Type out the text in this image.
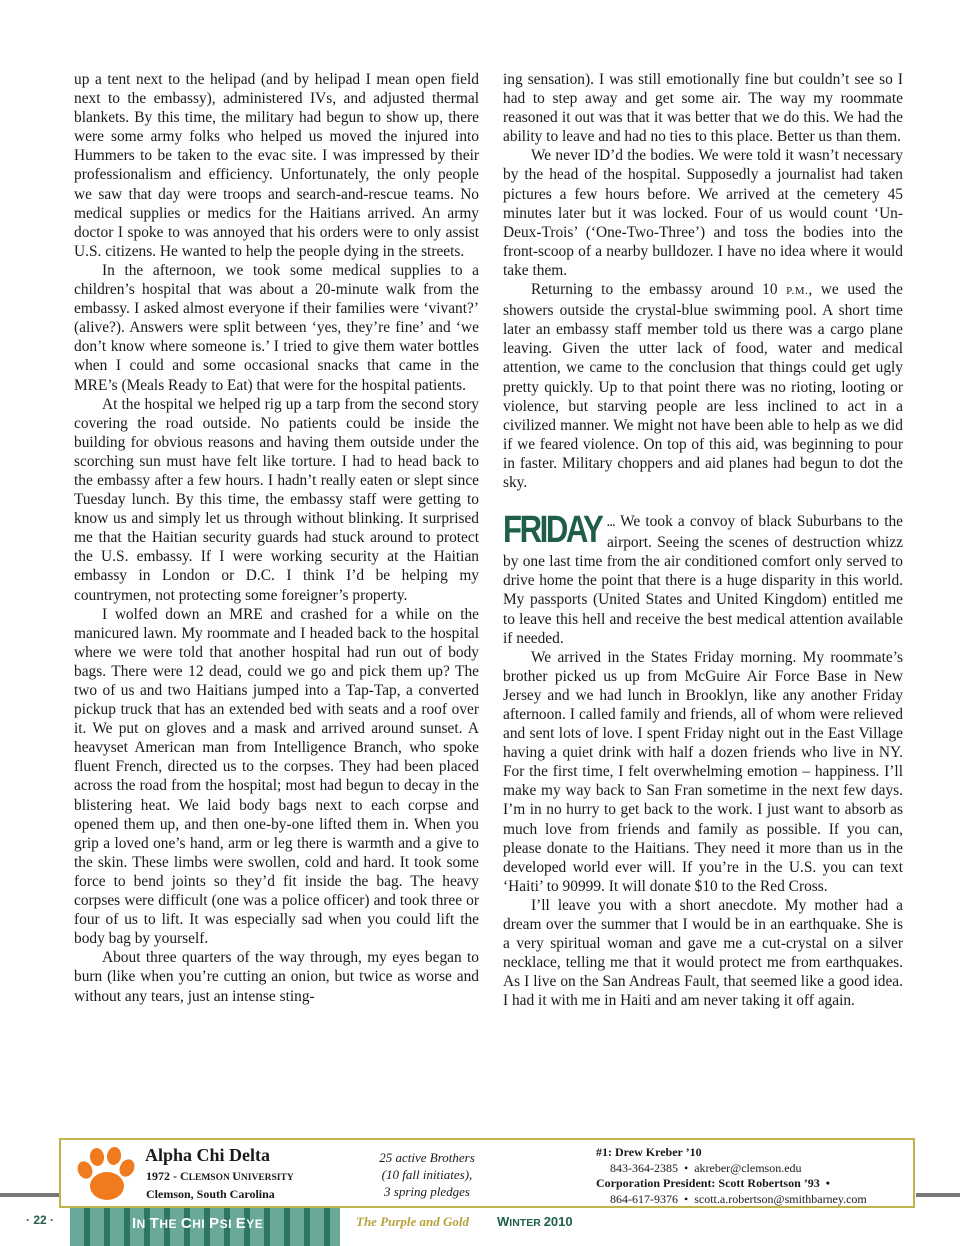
up a tent next to the helipad (and by helipad I mean open field next to the embassy), administered IVs, and adjusted thermal blankets. By this time, the military had begun to show up, there were some army folks who helped us moved the injured into Hummers to be taken to the evac site. I was impressed by their professionalism and efficiency. Unfortunately, the only people we saw that day were troops and search-and-rescue teams. No medical supplies or medics for the Haitians arrived. An army doctor I spoke to was annoyed that his orders were to only assist U.S. citizens. He wanted to help the people dying in the streets.

In the afternoon, we took some medical supplies to a children’s hospital that was about a 20-minute walk from the embassy. I asked almost everyone if their families were ‘vivant?’ (alive?). Answers were split between ‘yes, they’re fine’ and ‘we don’t know where someone is.’ I tried to give them water bottles when I could and some occasional snacks that came in the MRE’s (Meals Ready to Eat) that were for the hospital patients.

At the hospital we helped rig up a tarp from the second story covering the road outside. No patients could be inside the building for obvious reasons and having them outside under the scorching sun must have felt like torture. I had to head back to the embassy after a few hours. I hadn’t really eaten or slept since Tuesday lunch. By this time, the embassy staff were getting to know us and simply let us through without blinking. It surprised me that the Haitian security guards had stuck around to protect the U.S. embassy. If I were working security at the Haitian embassy in London or D.C. I think I’d be helping my countrymen, not protecting some foreigner’s property.

I wolfed down an MRE and crashed for a while on the manicured lawn. My roommate and I headed back to the hospital where we were told that another hospital had run out of body bags. There were 12 dead, could we go and pick them up? The two of us and two Haitians jumped into a Tap-Tap, a converted pickup truck that has an extended bed with seats and a roof over it. We put on gloves and a mask and arrived around sunset. A heavyset American man from Intelligence Branch, who spoke fluent French, directed us to the corpses. They had been placed across the road from the hospital; most had begun to decay in the blistering heat. We laid body bags next to each corpse and opened them up, and then one-by-one lifted them in. When you grip a loved one’s hand, arm or leg there is warmth and a give to the skin. These limbs were swollen, cold and hard. It took some force to bend joints so they’d fit inside the bag. The heavy corpses were difficult (one was a police officer) and took three or four of us to lift. It was especially sad when you could lift the body bag by yourself.

About three quarters of the way through, my eyes began to burn (like when you’re cutting an onion, but twice as worse and without any tears, just an intense sting-

ing sensation). I was still emotionally fine but couldn’t see so I had to step away and get some air. The way my roommate reasoned it out was that it was better that we do this. We had the ability to leave and had no ties to this place. Better us than them.

We never ID’d the bodies. We were told it wasn’t necessary by the head of the hospital. Supposedly a journalist had taken pictures a few hours before. We arrived at the cemetery 45 minutes later but it was locked. Four of us would count ‘Un-Deux-Trois’ (‘One-Two-Three’) and toss the bodies into the front-scoop of a nearby bulldozer. I have no idea where it would take them.

Returning to the embassy around 10 P.M., we used the showers outside the crystal-blue swimming pool. A short time later an embassy staff member told us there was a cargo plane leaving. Given the utter lack of food, water and medical attention, we came to the conclusion that things could get ugly pretty quickly. Up to that point there was no rioting, looting or violence, but starving people are less inclined to act in a civilized manner. We might not have been able to help as we did if we feared violence. On top of this aid, was beginning to pour in faster. Military choppers and aid planes had begun to dot the sky.

FRIDAY ... We took a convoy of black Suburbans to the airport. Seeing the scenes of destruction whizz by one last time from the air conditioned comfort only served to drive home the point that there is a huge disparity in this world. My passports (United States and United Kingdom) entitled me to leave this hell and receive the best medical attention available if needed.

We arrived in the States Friday morning. My roommate’s brother picked us up from McGuire Air Force Base in New Jersey and we had lunch in Brooklyn, like any another Friday afternoon. I called family and friends, all of whom were relieved and sent lots of love. I spent Friday night out in the East Village having a quiet drink with half a dozen friends who live in NY. For the first time, I felt overwhelming emotion – happiness. I’ll make my way back to San Fran sometime in the next few days. I’m in no hurry to get back to the work. I just want to absorb as much love from friends and family as possible. If you can, please donate to the Haitians. They need it more than us in the developed world ever will. If you’re in the U.S. you can text ‘Haiti’ to 90999. It will donate $10 to the Red Cross.

I’ll leave you with a short anecdote. My mother had a dream over the summer that I would be in an earthquake. She is a very spiritual woman and gave me a cut-crystal on a silver necklace, telling me that it would protect me from earthquakes. As I live on the San Andreas Fault, that seemed like a good idea. I had it with me in Haiti and am never taking it off again.

Alpha Chi Delta
1972 - CLEMSON UNIVERSITY
Clemson, South Carolina
25 active Brothers
(10 fall initiates),
3 spring pledges
#1: Drew Kreber ’10
843-364-2385 • akreber@clemson.edu
Corporation President: Scott Robertson ’93 •
864-617-9376 • scott.a.robertson@smithbarney.com
· 22 ·	IN THE CHI PSI EYE	The Purple and Gold WINTER 2010
